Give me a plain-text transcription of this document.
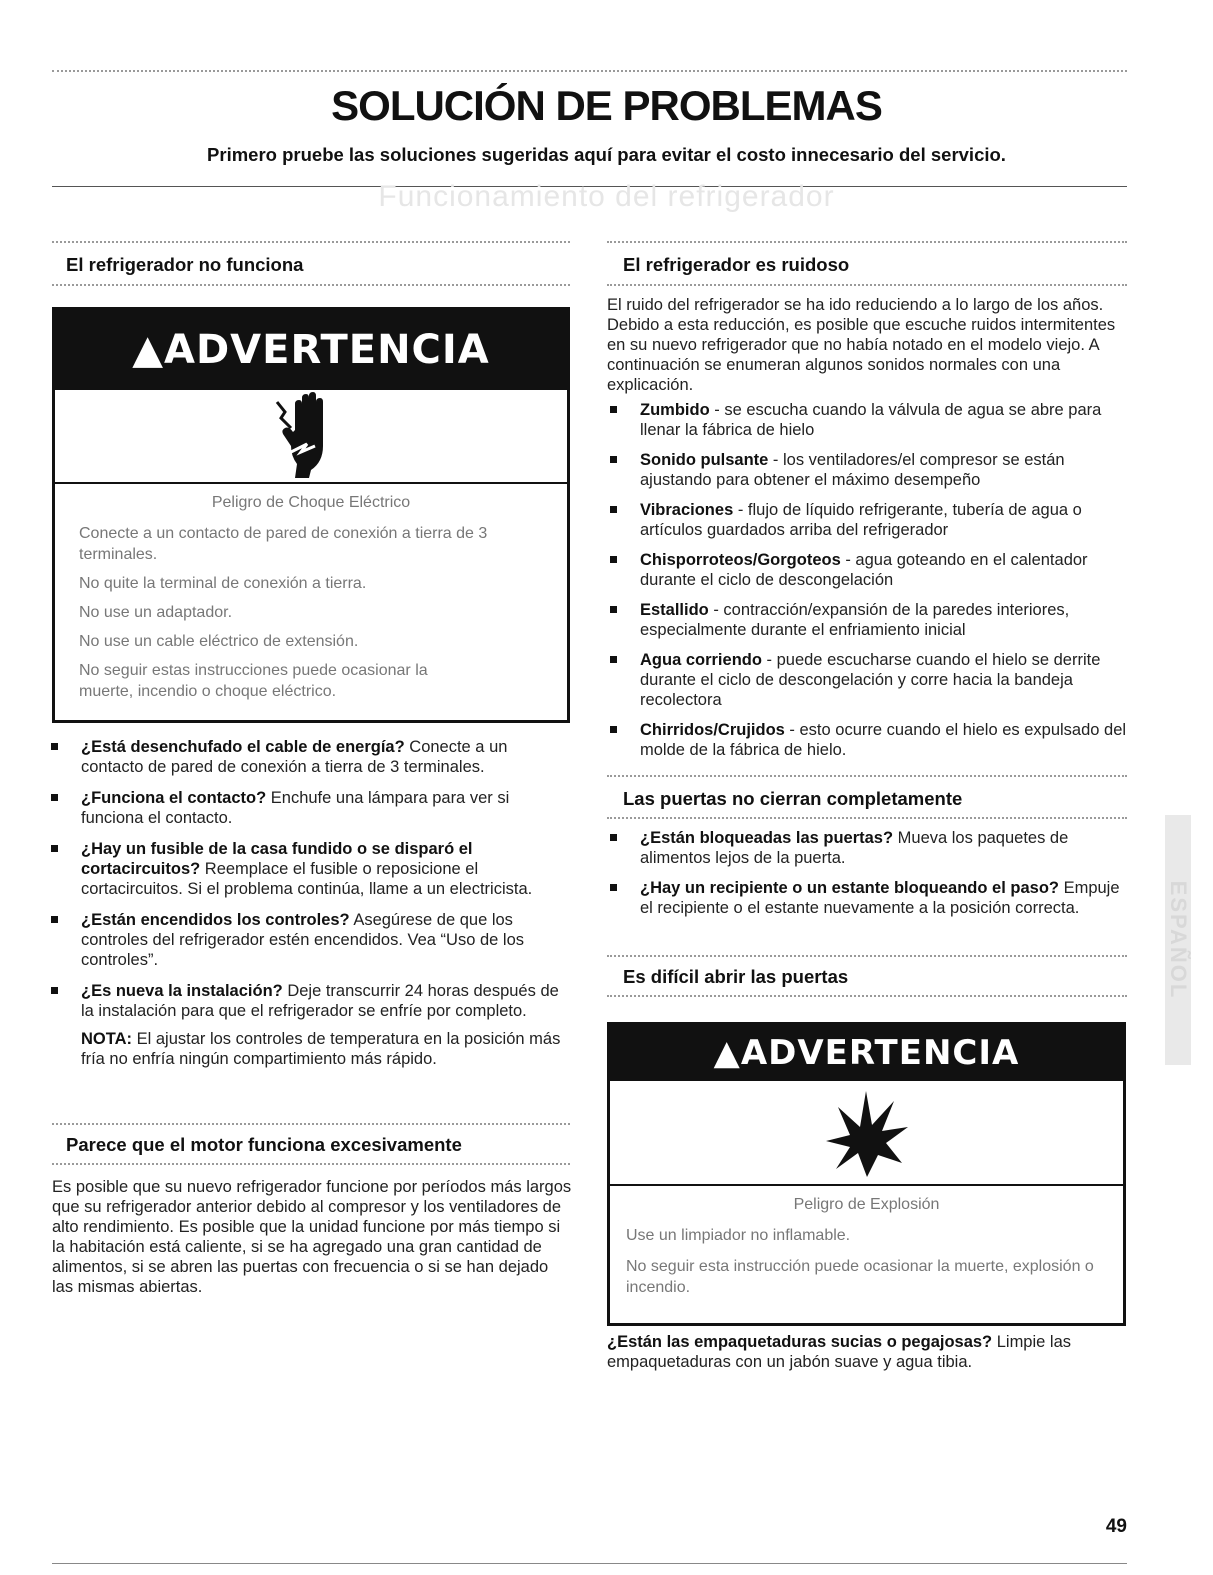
SOLUCIÓN DE PROBLEMAS
Primero pruebe las soluciones sugeridas aquí para evitar el costo innecesario del servicio.
Funcionamiento del refrigerador
El refrigerador no funciona
▲ADVERTENCIA

Peligro de Choque Eléctrico

Conecte a un contacto de pared de conexión a tierra de 3 terminales.

No quite la terminal de conexión a tierra.

No use un adaptador.

No use un cable eléctrico de extensión.

No seguir estas instrucciones puede ocasionar la muerte, incendio o choque eléctrico.

¿Está desenchufado el cable de energía? Conecte a un contacto de pared de conexión a tierra de 3 terminales.
¿Funciona el contacto? Enchufe una lámpara para ver si funciona el contacto.
¿Hay un fusible de la casa fundido o se disparó el cortacircuitos? Reemplace el fusible o reposicione el cortacircuitos. Si el problema continúa, llame a un electricista.
¿Están encendidos los controles? Asegúrese de que los controles del refrigerador estén encendidos. Vea “Uso de los controles”.
¿Es nueva la instalación? Deje transcurrir 24 horas después de la instalación para que el refrigerador se enfríe por completo.

NOTA: El ajustar los controles de temperatura en la posición más fría no enfría ningún compartimiento más rápido.

Parece que el motor funciona excesivamente

Es posible que su nuevo refrigerador funcione por períodos más largos que su refrigerador anterior debido al compresor y los ventiladores de alto rendimiento. Es posible que la unidad funcione por más tiempo si la habitación está caliente, si se ha agregado una gran cantidad de alimentos, si se abren las puertas con frecuencia o si se han dejado las mismas abiertas.

El refrigerador es ruidoso

El ruido del refrigerador se ha ido reduciendo a lo largo de los años. Debido a esta reducción, es posible que escuche ruidos intermitentes en su nuevo refrigerador que no había notado en el modelo viejo. A continuación se enumeran algunos sonidos normales con una explicación.

Zumbido - se escucha cuando la válvula de agua se abre para llenar la fábrica de hielo
Sonido pulsante - los ventiladores/el compresor se están ajustando para obtener el máximo desempeño
Vibraciones - flujo de líquido refrigerante, tubería de agua o artículos guardados arriba del refrigerador
Chisporroteos/Gorgoteos - agua goteando en el calentador durante el ciclo de descongelación
Estallido - contracción/expansión de la paredes interiores, especialmente durante el enfriamiento inicial
Agua corriendo - puede escucharse cuando el hielo se derrite durante el ciclo de descongelación y corre hacia la bandeja recolectora
Chirridos/Crujidos - esto ocurre cuando el hielo es expulsado del molde de la fábrica de hielo.
Las puertas no cierran completamente
¿Están bloqueadas las puertas? Mueva los paquetes de alimentos lejos de la puerta.
¿Hay un recipiente o un estante bloqueando el paso? Empuje el recipiente o el estante nuevamente a la posición correcta.
Es difícil abrir las puertas
▲ADVERTENCIA

Peligro de Explosión

Use un limpiador no inflamable.

No seguir esta instrucción puede ocasionar la muerte, explosión o incendio.

¿Están las empaquetaduras sucias o pegajosas? Limpie las empaquetaduras con un jabón suave y agua tibia.

ESPAÑOL
49
